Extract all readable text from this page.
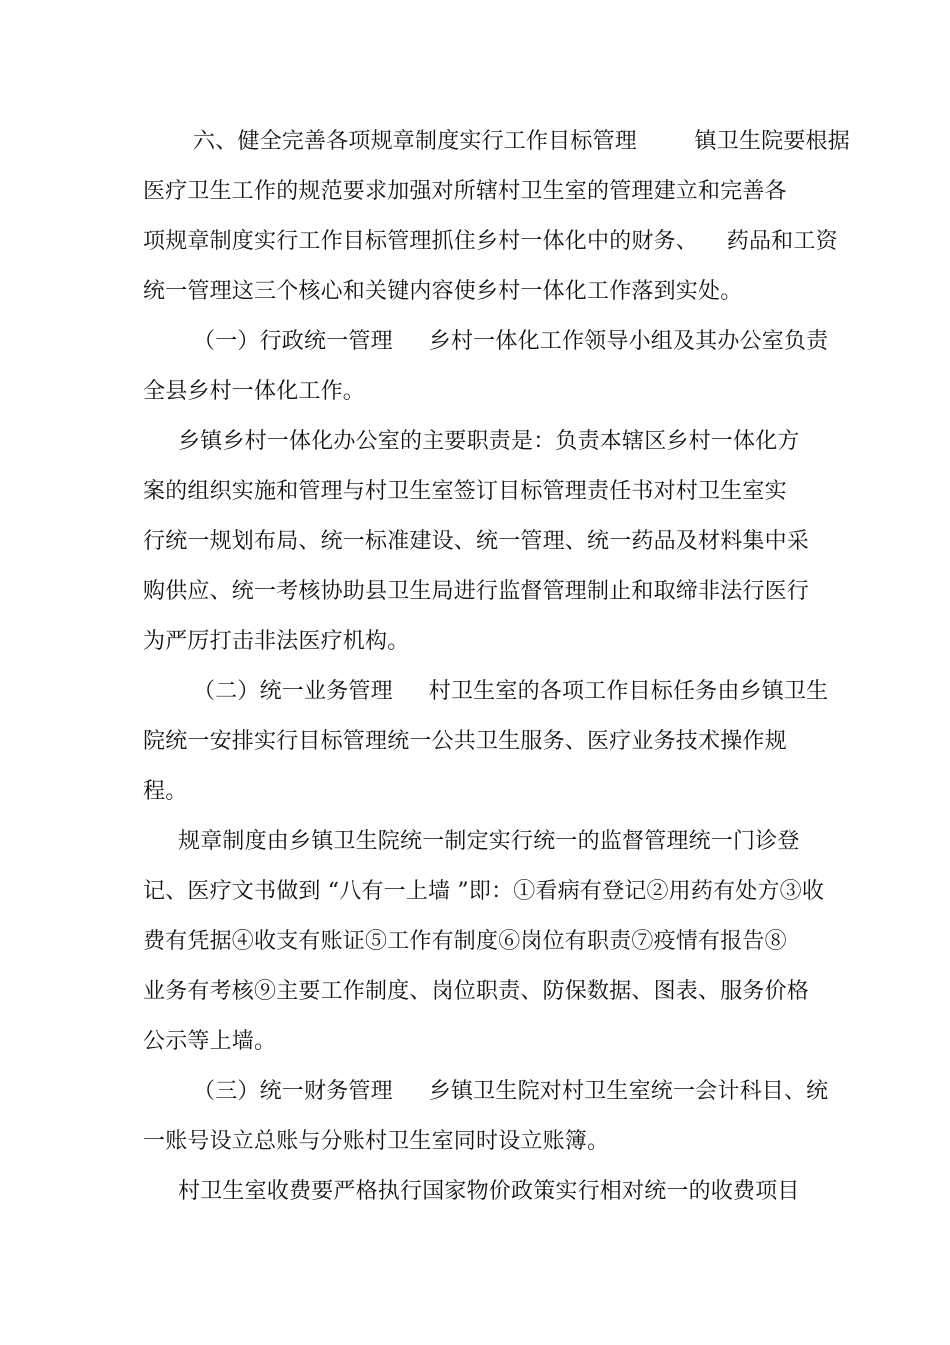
六、健全完善各项规章制度实行工作目标管理        镇卫生院要根据
医疗卫生工作的规范要求加强对所辖村卫生室的管理建立和完善各
项规章制度实行工作目标管理抓住乡村一体化中的财务、    药品和工资
统一管理这三个核心和关键内容使乡村一体化工作落到实处。
（一）行政统一管理     乡村一体化工作领导小组及其办公室负责
全县乡村一体化工作。
乡镇乡村一体化办公室的主要职责是：负责本辖区乡村一体化方
案的组织实施和管理与村卫生室签订目标管理责任书对村卫生室实
行统一规划布局、统一标准建设、统一管理、统一药品及材料集中采
购供应、统一考核协助县卫生局进行监督管理制止和取缔非法行医行
为严厉打击非法医疗机构。
（二）统一业务管理     村卫生室的各项工作目标任务由乡镇卫生
院统一安排实行目标管理统一公共卫生服务、医疗业务技术操作规
程。
规章制度由乡镇卫生院统一制定实行统一的监督管理统一门诊登
记、医疗文书做到 “八有一上墙 ”即：①看病有登记②用药有处方③收
费有凭据④收支有账证⑤工作有制度⑥岗位有职责⑦疫情有报告⑧
业务有考核⑨主要工作制度、岗位职责、防保数据、图表、服务价格
公示等上墙。
（三）统一财务管理     乡镇卫生院对村卫生室统一会计科目、统
一账号设立总账与分账村卫生室同时设立账簿。
村卫生室收费要严格执行国家物价政策实行相对统一的收费项目
